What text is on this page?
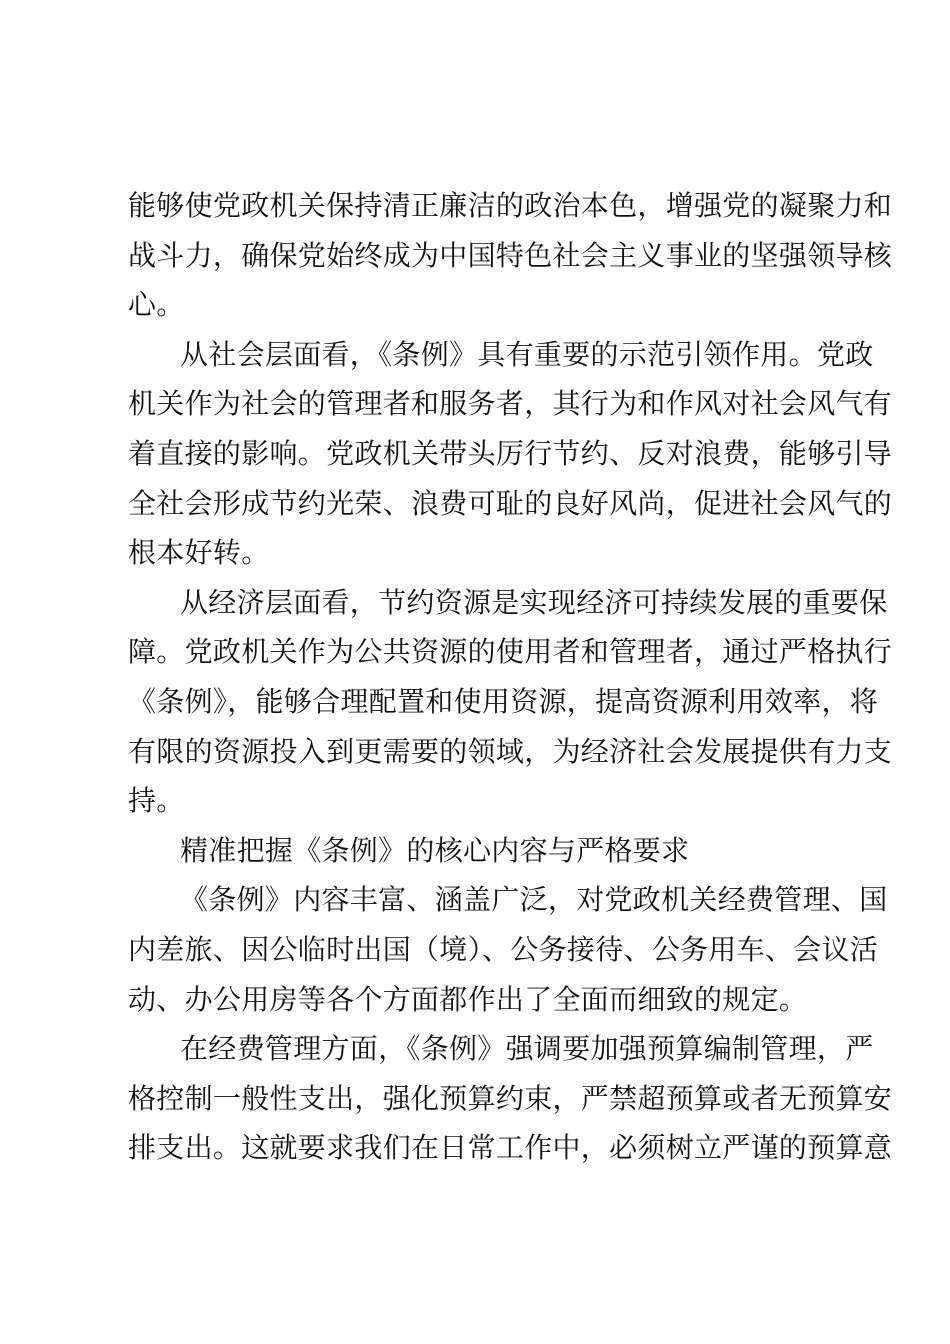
能够使党政机关保持清正廉洁的政治本色，增强党的凝聚力和
战斗力，确保党始终成为中国特色社会主义事业的坚强领导核
心。
从社会层面看，《条例》具有重要的示范引领作用。党政
机关作为社会的管理者和服务者，其行为和作风对社会风气有
着直接的影响。党政机关带头厉行节约、反对浪费，能够引导
全社会形成节约光荣、浪费可耻的良好风尚，促进社会风气的
根本好转。
从经济层面看，节约资源是实现经济可持续发展的重要保
障。党政机关作为公共资源的使用者和管理者，通过严格执行
《条例》，能够合理配置和使用资源，提高资源利用效率，将
有限的资源投入到更需要的领域，为经济社会发展提供有力支
持。
精准把握《条例》的核心内容与严格要求
《条例》内容丰富、涵盖广泛，对党政机关经费管理、国
内差旅、因公临时出国（境）、公务接待、公务用车、会议活
动、办公用房等各个方面都作出了全面而细致的规定。
在经费管理方面，《条例》强调要加强预算编制管理，严
格控制一般性支出，强化预算约束，严禁超预算或者无预算安
排支出。这就要求我们在日常工作中，必须树立严谨的预算意
